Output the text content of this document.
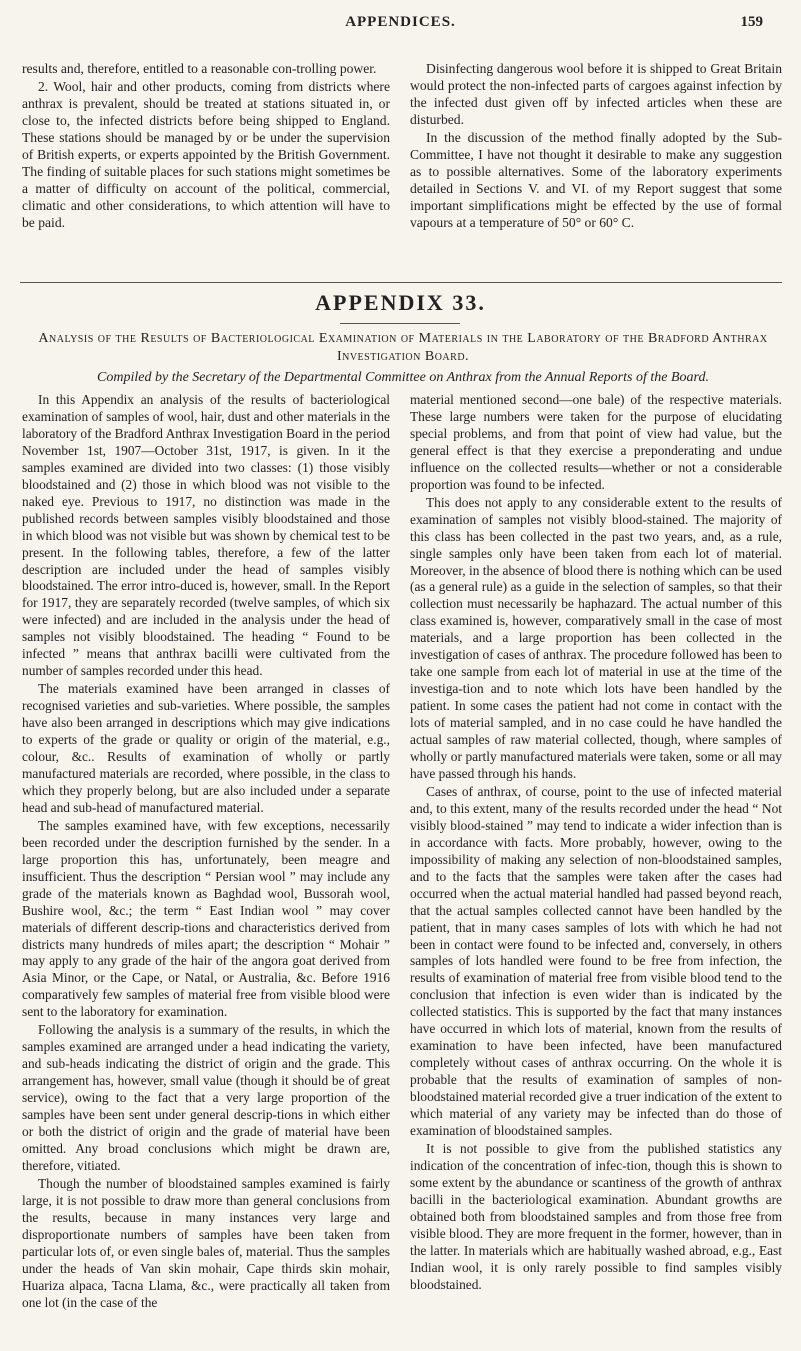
APPENDICES.	159

results and, therefore, entitled to a reasonable con-trolling power.

2. Wool, hair and other products, coming from districts where anthrax is prevalent, should be treated at stations situated in, or close to, the infected districts before being shipped to England. These stations should be managed by or be under the supervision of British experts, or experts appointed by the British Government. The finding of suitable places for such stations might sometimes be a matter of difficulty on account of the political, commercial, climatic and other considerations, to which attention will have to be paid.

Disinfecting dangerous wool before it is shipped to Great Britain would protect the non-infected parts of cargoes against infection by the infected dust given off by infected articles when these are disturbed.

In the discussion of the method finally adopted by the Sub-Committee, I have not thought it desirable to make any suggestion as to possible alternatives. Some of the laboratory experiments detailed in Sections V. and VI. of my Report suggest that some important simplifications might be effected by the use of formal vapours at a temperature of 50° or 60° C.

APPENDIX 33.
Analysis of the Results of Bacteriological Examination of Materials in the Laboratory of the Bradford Anthrax Investigation Board.
Compiled by the Secretary of the Departmental Committee on Anthrax from the Annual Reports of the Board.

In this Appendix an analysis of the results of bacteriological examination of samples of wool, hair, dust and other materials in the laboratory of the Bradford Anthrax Investigation Board in the period November 1st, 1907—October 31st, 1917, is given. In it the samples examined are divided into two classes: (1) those visibly bloodstained and (2) those in which blood was not visible to the naked eye. Previous to 1917, no distinction was made in the published records between samples visibly bloodstained and those in which blood was not visible but was shown by chemical test to be present. In the following tables, therefore, a few of the latter description are included under the head of samples visibly bloodstained. The error intro-duced is, however, small. In the Report for 1917, they are separately recorded (twelve samples, of which six were infected) and are included in the analysis under the head of samples not visibly bloodstained. The heading “ Found to be infected ” means that anthrax bacilli were cultivated from the number of samples recorded under this head.

The materials examined have been arranged in classes of recognised varieties and sub-varieties. Where possible, the samples have also been arranged in descriptions which may give indications to experts of the grade or quality or origin of the material, e.g., colour, &c.. Results of examination of wholly or partly manufactured materials are recorded, where possible, in the class to which they properly belong, but are also included under a separate head and sub-head of manufactured material.

The samples examined have, with few exceptions, necessarily been recorded under the description furnished by the sender. In a large proportion this has, unfortunately, been meagre and insufficient. Thus the description “ Persian wool ” may include any grade of the materials known as Baghdad wool, Bussorah wool, Bushire wool, &c.; the term “ East Indian wool ” may cover materials of different descrip-tions and characteristics derived from districts many hundreds of miles apart; the description “ Mohair ” may apply to any grade of the hair of the angora goat derived from Asia Minor, or the Cape, or Natal, or Australia, &c. Before 1916 comparatively few samples of material free from visible blood were sent to the laboratory for examination.

Following the analysis is a summary of the results, in which the samples examined are arranged under a head indicating the variety, and sub-heads indicating the district of origin and the grade. This arrangement has, however, small value (though it should be of great service), owing to the fact that a very large proportion of the samples have been sent under general descrip-tions in which either or both the district of origin and the grade of material have been omitted. Any broad conclusions which might be drawn are, therefore, vitiated.

Though the number of bloodstained samples examined is fairly large, it is not possible to draw more than general conclusions from the results, because in many instances very large and disproportionate numbers of samples have been taken from particular lots of, or even single bales of, material. Thus the samples under the heads of Van skin mohair, Cape thirds skin mohair, Huariza alpaca, Tacna Llama, &c., were practically all taken from one lot (in the case of the

material mentioned second—one bale) of the respective materials. These large numbers were taken for the purpose of elucidating special problems, and from that point of view had value, but the general effect is that they exercise a preponderating and undue influence on the collected results—whether or not a considerable proportion was found to be infected.

This does not apply to any considerable extent to the results of examination of samples not visibly blood-stained. The majority of this class has been collected in the past two years, and, as a rule, single samples only have been taken from each lot of material. Moreover, in the absence of blood there is nothing which can be used (as a general rule) as a guide in the selection of samples, so that their collection must necessarily be haphazard. The actual number of this class examined is, however, comparatively small in the case of most materials, and a large proportion has been collected in the investigation of cases of anthrax. The procedure followed has been to take one sample from each lot of material in use at the time of the investiga-tion and to note which lots have been handled by the patient. In some cases the patient had not come in contact with the lots of material sampled, and in no case could he have handled the actual samples of raw material collected, though, where samples of wholly or partly manufactured materials were taken, some or all may have passed through his hands.

Cases of anthrax, of course, point to the use of infected material and, to this extent, many of the results recorded under the head “ Not visibly blood-stained ” may tend to indicate a wider infection than is in accordance with facts. More probably, however, owing to the impossibility of making any selection of non-bloodstained samples, and to the facts that the samples were taken after the cases had occurred when the actual material handled had passed beyond reach, that the actual samples collected cannot have been handled by the patient, that in many cases samples of lots with which he had not been in contact were found to be infected and, conversely, in others samples of lots handled were found to be free from infection, the results of examination of material free from visible blood tend to the conclusion that infection is even wider than is indicated by the collected statistics. This is supported by the fact that many instances have occurred in which lots of material, known from the results of examination to have been infected, have been manufactured completely without cases of anthrax occurring. On the whole it is probable that the results of examination of samples of non-bloodstained material recorded give a truer indication of the extent to which material of any variety may be infected than do those of examination of bloodstained samples.

It is not possible to give from the published statistics any indication of the concentration of infec-tion, though this is shown to some extent by the abundance or scantiness of the growth of anthrax bacilli in the bacteriological examination. Abundant growths are obtained both from bloodstained samples and from those free from visible blood. They are more frequent in the former, however, than in the latter. In materials which are habitually washed abroad, e.g., East Indian wool, it is only rarely possible to find samples visibly bloodstained.
